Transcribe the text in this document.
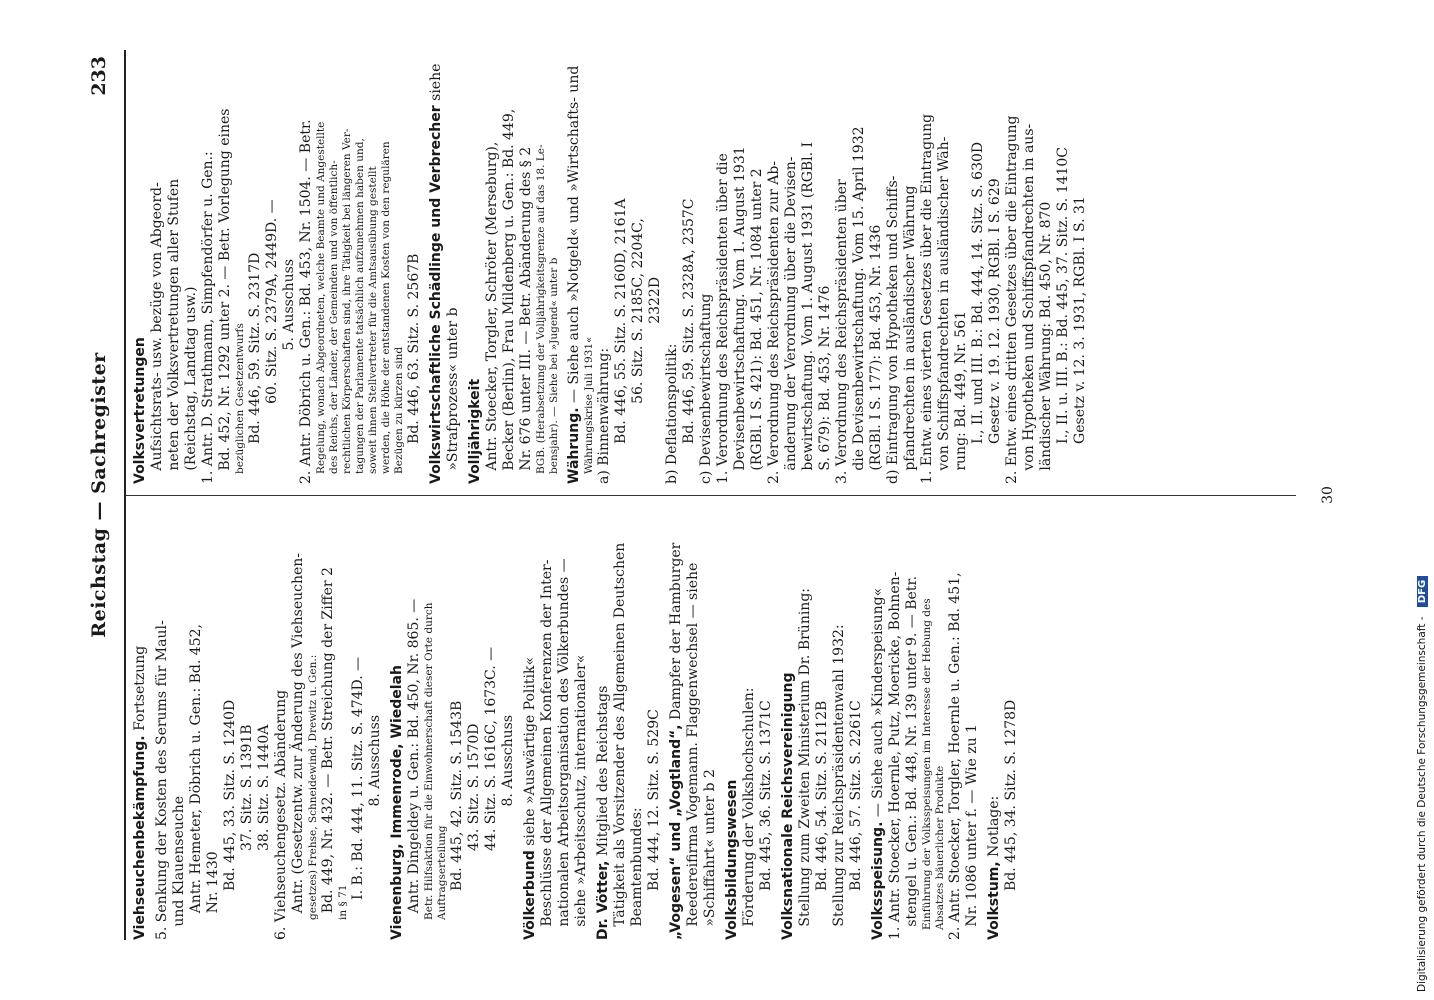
Reichstag — Sachregister
233
Viehseuchenbekämpfung. Fortsetzung 5. Senkung der Kosten des Serums für Maul- und Klauenseuche Antr. Hemeter, Döbrich u. Gen.: Bd. 452, Nr. 1430 Bd. 445, 33. Sitz. S. 1240D 37. Sitz. S. 1391B 38. Sitz. S. 1440A 6. Viehseuchengesetz. Abänderung Antr. (Gesetzentw. zur Änderung des Viehseuchen- gesetzes) Frehse, Schneidewind, Drewitz u. Gen.: Bd. 449, Nr. 432. — Betr. Streichung der Ziffer 2 in § 71 I. B.: Bd. 444, 11. Sitz. S. 474D. — 8. Ausschuss Vienenburg, Immenrode, Wiedelah Antr. Dingeldey u. Gen.: Bd. 450, Nr. 865. — Betr. Hilfsaktion für die Einwohnerschaft dieser Orte durch Auftragserteilung Bd. 445, 42. Sitz. S. 1543B 43. Sitz. S. 1570D 44. Sitz. S. 1616C, 1673C. — 8. Ausschuss Völkerbund siehe »Auswärtige Politik« Beschlüsse der Allgemeinen Konferenzen der Inter- nationalen Arbeitsorganisation des Völkerbundes — siehe »Arbeitsschutz, internationaler« Dr. Vötter, Mitglied des Reichstags Tätigkeit als Vorsitzender des Allgemeinen Deutschen Beamtenbundes: Bd. 444, 12. Sitz. S. 529C „Vogesen“ und „Vogtland“, Dampfer der Hamburger Reedereifirma Vogemann. Flaggenwechsel — siehe »Schiffahrt« unter b 2 Volksbildungswesen Förderung der Volkshochschulen: Bd. 445, 36. Sitz. S. 1371C Volksnationale Reichsvereinigung Stellung zum Zweiten Ministerium Dr. Brüning: Bd. 446, 54. Sitz. S. 2112B Stellung zur Reichspräsidentenwahl 1932: Bd. 446, 57. Sitz. S. 2261C Volksspeisung. — Siehe auch »Kinderspeisung« 1. Antr. Stoecker, Hoernle, Putz, Moericke, Bohnen- stengel u. Gen.: Bd. 448, Nr. 139 unter 9. — Betr. Einführung der Volksspeisungen im Interesse der Hebung des Absatzes bäuerlicher Produkte 2. Antr. Stoecker, Torgler, Hoernle u. Gen.: Bd. 451, Nr. 1086 unter f. — Wie zu 1 Volkstum, Notlage: Bd. 445, 34. Sitz. S. 1278D
Volksvertretungen Aufsichtsrats- usw. bezüge von Abgeord- neten der Volksvertretungen aller Stufen (Reichstag, Landtag usw.) 1. Antr. D. Strathmann, Simpfendörfer u. Gen.: Bd. 452, Nr. 1292 unter 2. — Betr. Vorlegung eines bezüglichen Gesetzentwurfs Bd. 446, 59. Sitz. S. 2317D 60. Sitz. S. 2379A, 2449D. — 5. Ausschuss 2. Antr. Döbrich u. Gen.: Bd. 453, Nr. 1504. — Betr. Regelung, wonach Abgeordneten, welche Beamte und Angestellte des Reichs, der Länder, der Gemeinden und von öffentlich- rechtlichen Körperschaften sind, ihre Tätigkeit bei längeren Ver- tagungen der Parlamente tatsächlich aufzunehmen haben und, soweit ihnen Stellvertreter für die Amtsausübung gestellt werden, die Höhe der entstandenen Kosten von den regulären Bezügen zu kürzen sind Bd. 446, 63. Sitz. S. 2567B Volkswirtschaftliche Schädlinge und Verbrecher siehe

»Strafprozess« unter b Volljährigkeit Antr. Stoecker, Torgler, Schröter (Merseburg), Becker (Berlin), Frau Mildenberg u. Gen.: Bd. 449, Nr. 676 unter III. — Betr. Abänderung des § 2 BGB. (Herabsetzung der Volljährigkeitsgrenze auf das 18. Le- bensjahr). — Siehe bei »Jugend« unter b Währung. — Siehe auch »Notgeld« und »Wirtschafts- und

Währungskrise Juli 1931« a) Binnenwährung: Bd. 446, 55. Sitz. S. 2160D, 2161A 56. Sitz. S. 2185C, 2204C, 2322D b) Deflationspolitik: Bd. 446, 59. Sitz. S. 2328A, 2357C c) Devisenbewirtschaftung 1. Verordnung des Reichspräsidenten über die Devisenbewirtschaftung. Vom 1. August 1931 (RGBl. I S. 421): Bd. 451, Nr. 1084 unter 2 2. Verordnung des Reichspräsidenten zur Ab- änderung der Verordnung über die Devisen- bewirtschaftung. Vom 1. August 1931 (RGBl. I S. 679): Bd. 453, Nr. 1476 3. Verordnung des Reichspräsidenten über die Devisenbewirtschaftung. Vom 15. April 1932 (RGBl. I S. 177): Bd. 453, Nr. 1436 d) Eintragung von Hypotheken und Schiffs- pfandrechten in ausländischer Währung 1. Entw. eines vierten Gesetzes über die Eintragung von Schiffspfandrechten in ausländischer Wäh- rung: Bd. 449, Nr. 561 I., II. und III. B.: Bd. 444, 14. Sitz. S. 630D Gesetz v. 19. 12. 1930, RGBl. I S. 629 2. Entw. eines dritten Gesetzes über die Eintragung von Hypotheken und Schiffspfandrechten in aus- ländischer Währung: Bd. 450, Nr. 870 I., II. u. III. B.: Bd. 445, 37. Sitz. S. 1410C Gesetz v. 12. 3. 1931, RGBl. I S. 31
30
Digitalisierung gefördert durch die Deutsche Forschungsgemeinschaft - DFG
